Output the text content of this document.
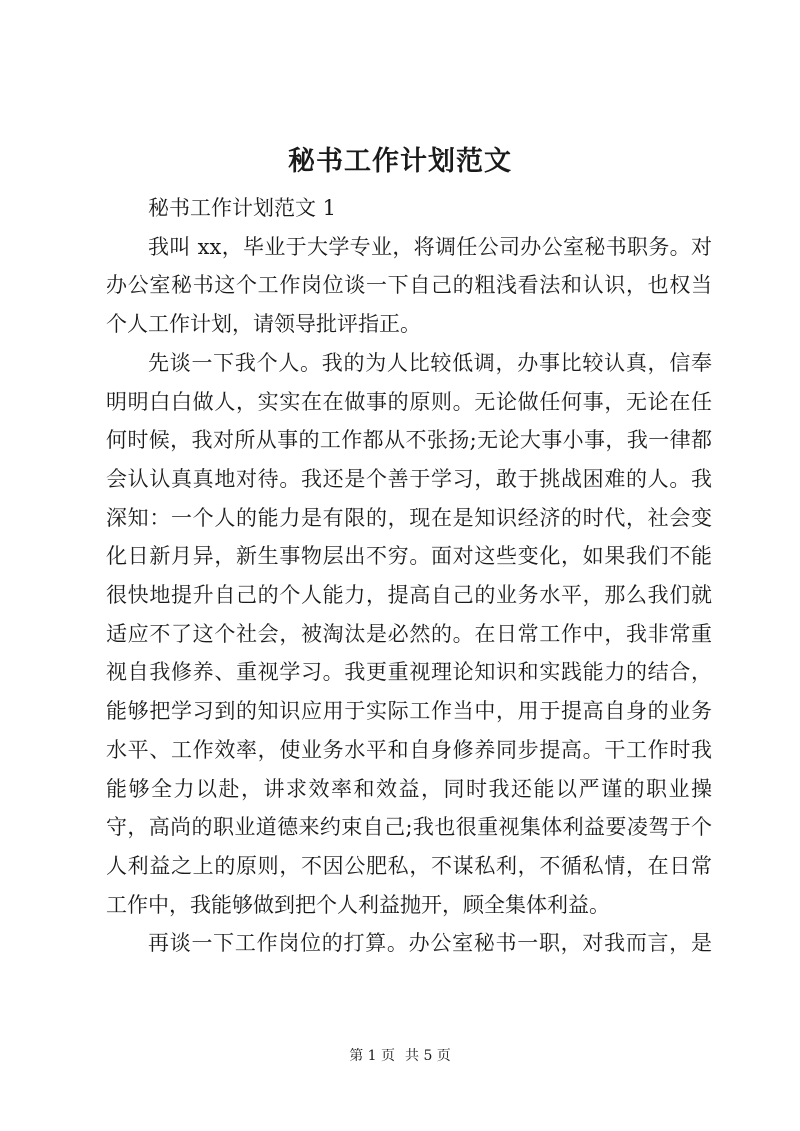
秘书工作计划范文

秘书工作计划范文 1

我叫 xx，毕业于大学专业，将调任公司办公室秘书职务。对办公室秘书这个工作岗位谈一下自己的粗浅看法和认识，也权当个人工作计划，请领导批评指正。

先谈一下我个人。我的为人比较低调，办事比较认真，信奉明明白白做人，实实在在做事的原则。无论做任何事，无论在任何时候，我对所从事的工作都从不张扬;无论大事小事，我一律都会认认真真地对待。我还是个善于学习，敢于挑战困难的人。我深知：一个人的能力是有限的，现在是知识经济的时代，社会变化日新月异，新生事物层出不穷。面对这些变化，如果我们不能很快地提升自己的个人能力，提高自己的业务水平，那么我们就适应不了这个社会，被淘汰是必然的。在日常工作中，我非常重视自我修养、重视学习。我更重视理论知识和实践能力的结合，能够把学习到的知识应用于实际工作当中，用于提高自身的业务水平、工作效率，使业务水平和自身修养同步提高。干工作时我能够全力以赴，讲求效率和效益，同时我还能以严谨的职业操守，高尚的职业道德来约束自己;我也很重视集体利益要凌驾于个人利益之上的原则，不因公肥私，不谋私利，不循私情，在日常工作中，我能够做到把个人利益抛开，顾全集体利益。

再谈一下工作岗位的打算。办公室秘书一职，对我而言，是

第 1 页 共 5 页
